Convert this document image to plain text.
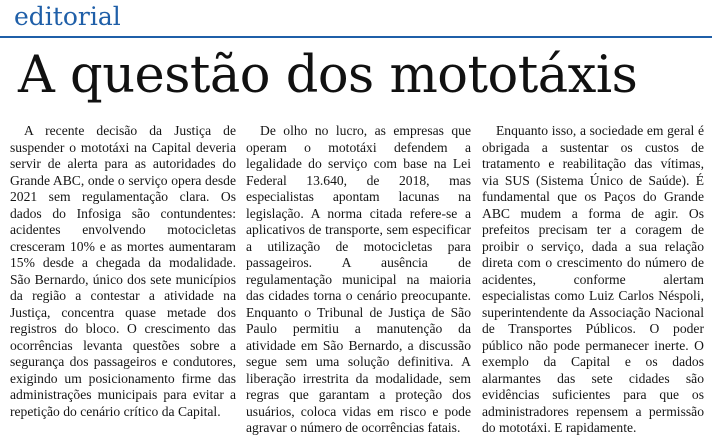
editorial
A questão dos mototáxis

A recente decisão da Justiça de suspender o mototáxi na Capital deveria servir de alerta para as autoridades do Grande ABC, onde o serviço opera desde 2021 sem regulamentação clara. Os dados do Infosiga são contundentes: acidentes envolvendo motocicletas cresceram 10% e as mortes aumentaram 15% desde a chegada da modalidade. São Bernardo, único dos sete municípios da região a contestar a atividade na Justiça, concentra quase metade dos registros do bloco. O crescimento das ocorrências levanta questões sobre a segurança dos passageiros e condutores, exigindo um posicionamento firme das administrações municipais para evitar a repetição do cenário crítico da Capital.

De olho no lucro, as empresas que operam o mototáxi defendem a legalidade do serviço com base na Lei Federal 13.640, de 2018, mas especialistas apontam lacunas na legislação. A norma citada refere-se a aplicativos de transporte, sem especificar a utilização de motocicletas para passageiros. A ausência de regulamentação municipal na maioria das cidades torna o cenário preocupante. Enquanto o Tribunal de Justiça de São Paulo permitiu a manutenção da atividade em São Bernardo, a discussão segue sem uma solução definitiva. A liberação irrestrita da modalidade, sem regras que garantam a proteção dos usuários, coloca vidas em risco e pode agravar o número de ocorrências fatais.

Enquanto isso, a sociedade em geral é obrigada a sustentar os custos de tratamento e reabilitação das vítimas, via SUS (Sistema Único de Saúde). É fundamental que os Paços do Grande ABC mudem a forma de agir. Os prefeitos precisam ter a coragem de proibir o serviço, dada a sua relação direta com o crescimento do número de acidentes, conforme alertam especialistas como Luiz Carlos Néspoli, superintendente da Associação Nacional de Transportes Públicos. O poder público não pode permanecer inerte. O exemplo da Capital e os dados alarmantes das sete cidades são evidências suficientes para que os administradores repensem a permissão do mototáxi. E rapidamente.
